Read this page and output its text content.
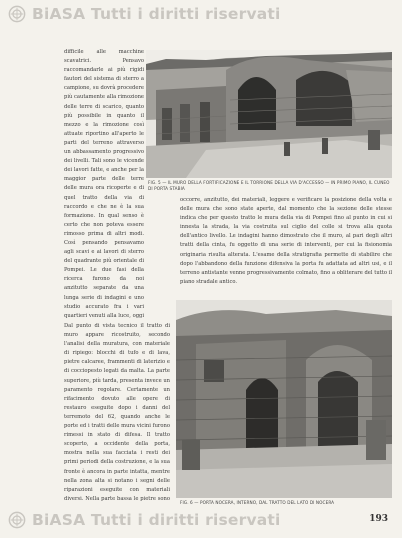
BiASA Tutti i diritti riservati
FIG. 5 — IL MURO DELLA FORTIFICAZIONE E IL TORRIONE DELLA VIA D'ACCESSO — IN PRIMO PIANO, IL CUNEO DI PORTA STABIA

difficile alle macchine scavatrici. Pensavo raccomandarle ai più rigidi fautori del sistema di sterro a campione, su dovrà procedere più cautamente alla rimozione delle terre di scarico, quanto più possibile in quanto il mezzo e la rimozione così attuate riportino all'aperto le parti del terreno attraverso un abbassamento progressivo dei livelli. Tali sono le vicende dei lavori fatte, e anche per la maggior parte delle terre delle mura ora ricoperte e di quel tratto della via di raccordo e che ne è la sua formazione. In qual senso è certo che non poteva essere rimosso prima di altri modi. Così pensando pensavamo agli scavi e ai lavori di sterro del quadrante più orientale di Pompei. Le due fasi della ricerca furono da noi anzitutto separate da una lunga serie di indagini e uno studio accurato fra i vari quartieri venuti alla luce, oggi

occorre, anzitutto, dei materiali, leggere e verificare la posizione della volta e delle mura che sono state aperte, dal momento che la sezione delle stesse indica che per questo tratto le mura della via di Pompei fino al punto in cui si innesta la strada, la via costruita sul ciglio del colle si trova alla quota dell'antico livello. Le indagini hanno dimostrato che il muro, al pari degli altri tratti della cinta, fu oggetto di una serie di interventi, per cui la fisionomia originaria risulta alterata. L'esame della stratigrafia permette di stabilire che dopo l'abbandono della funzione difensiva la porta fu adattata ad altri usi, e il terreno antistante venne progressivamente colmato, fino a obliterare del tutto il piano stradale antico.

FIG. 6 — PORTA NOCERA, INTERNO, DAL TRATTO DEL LATO DI NOCERA

Dal punto di vista tecnico il tratto di muro appare ricostruito, secondo l'analisi della muratura, con materiale di ripiego: blocchi di tufo e di lava, pietre calcaree, frammenti di laterizio e di cocciopesto legati da malta. La parte superiore, più tarda, presenta invece un paramento regolare. Certamente un rifacimento dovuto alle opere di restauro eseguite dopo i danni del terremoto del 62, quando anche le porte ed i tratti delle mura vicini furono rimessi in stato di difesa. Il tratto scoperto, a occidente della porta, mostra nella sua facciata i resti dei primi periodi della costruzione, e la sua fronte è ancora in parte intatta, mentre nella zona alta si notano i segni delle riparazioni eseguite con materiali diversi. Nella parte bassa le pietre sono

193
BiASA Tutti i diritti riservati
